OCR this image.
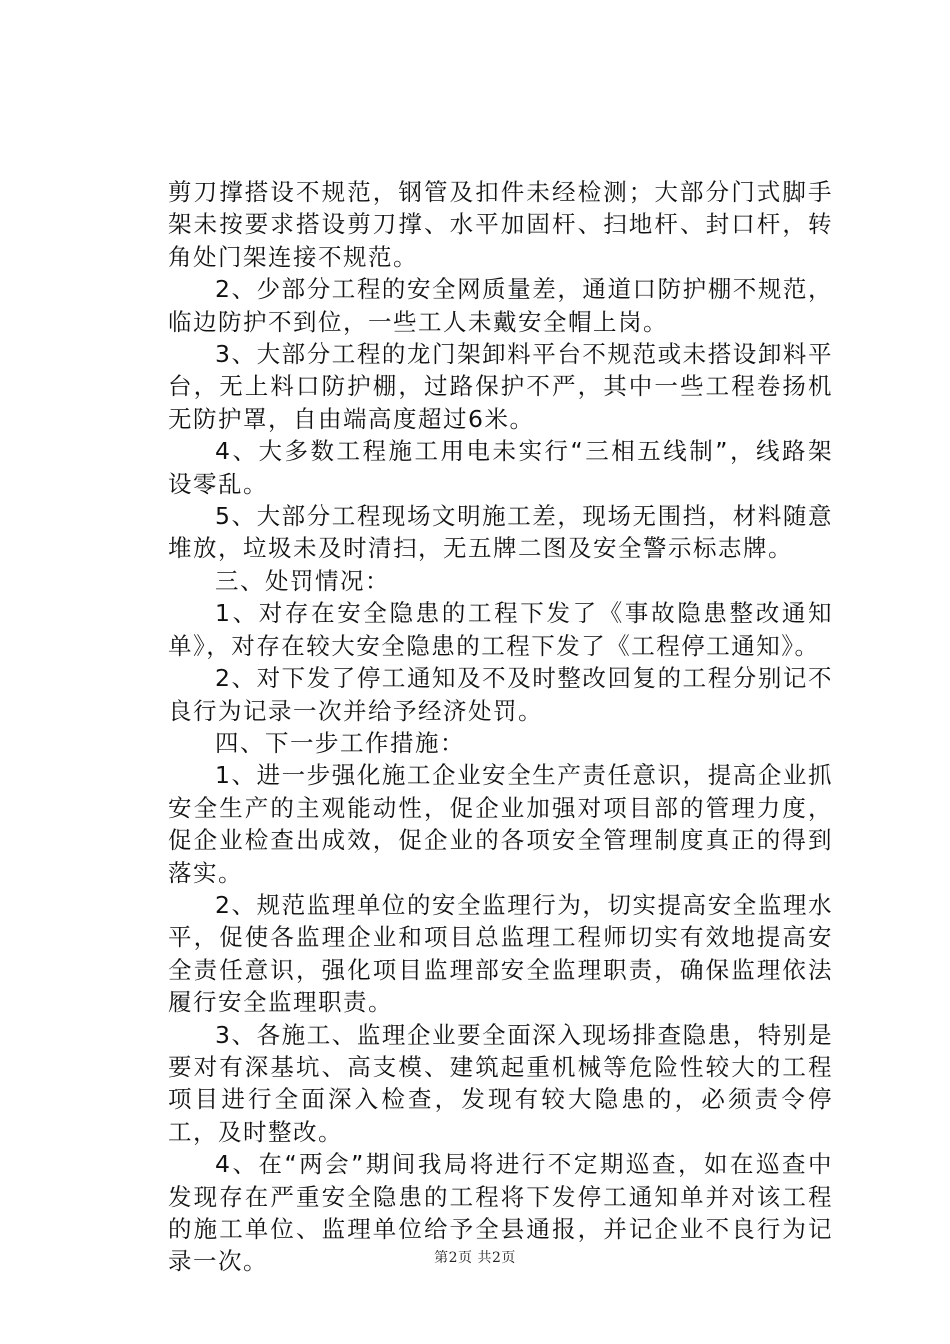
剪刀撑搭设不规范，钢管及扣件未经检测；大部分门式脚手架未按要求搭设剪刀撑、水平加固杆、扫地杆、封口杆，转角处门架连接不规范。

2、少部分工程的安全网质量差，通道口防护棚不规范，临边防护不到位，一些工人未戴安全帽上岗。

3、大部分工程的龙门架卸料平台不规范或未搭设卸料平台，无上料口防护棚，过路保护不严，其中一些工程卷扬机无防护罩，自由端高度超过6米。

4、大多数工程施工用电未实行“三相五线制”，线路架设零乱。

5、大部分工程现场文明施工差，现场无围挡，材料随意堆放，垃圾未及时清扫，无五牌二图及安全警示标志牌。

三、处罚情况：

1、对存在安全隐患的工程下发了《事故隐患整改通知单》，对存在较大安全隐患的工程下发了《工程停工通知》。

2、对下发了停工通知及不及时整改回复的工程分别记不良行为记录一次并给予经济处罚。

四、下一步工作措施：

1、进一步强化施工企业安全生产责任意识，提高企业抓安全生产的主观能动性，促企业加强对项目部的管理力度，促企业检查出成效，促企业的各项安全管理制度真正的得到落实。

2、规范监理单位的安全监理行为，切实提高安全监理水平，促使各监理企业和项目总监理工程师切实有效地提高安全责任意识，强化项目监理部安全监理职责，确保监理依法履行安全监理职责。

3、各施工、监理企业要全面深入现场排查隐患，特别是要对有深基坑、高支模、建筑起重机械等危险性较大的工程项目进行全面深入检查，发现有较大隐患的，必须责令停工，及时整改。

4、在“两会”期间我局将进行不定期巡查，如在巡查中发现存在严重安全隐患的工程将下发停工通知单并对该工程的施工单位、监理单位给予全县通报，并记企业不良行为记录一次。	第2页 共2页
